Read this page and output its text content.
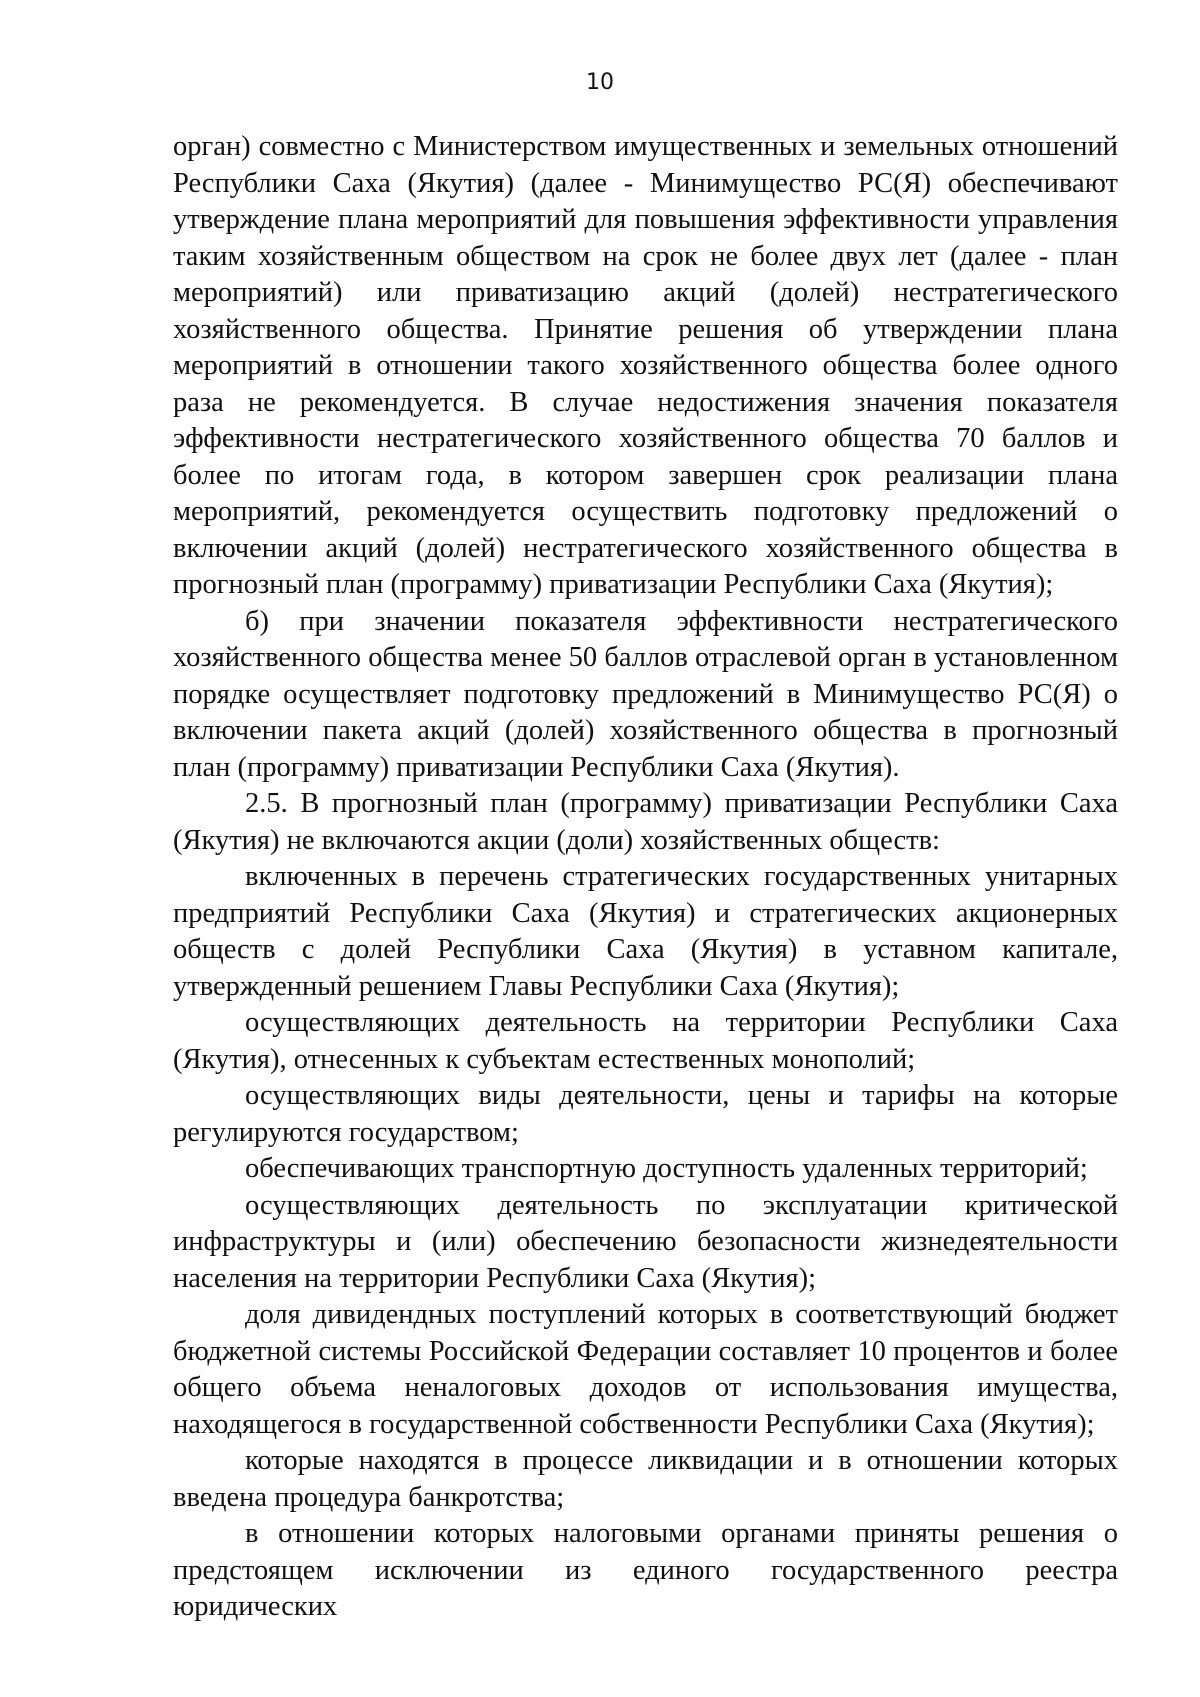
10

орган) совместно с Министерством имущественных и земельных отношений Республики Саха (Якутия) (далее - Минимущество РС(Я) обеспечивают утверждение плана мероприятий для повышения эффективности управления таким хозяйственным обществом на срок не более двух лет (далее - план мероприятий) или приватизацию акций (долей) нестратегического хозяйственного общества. Принятие решения об утверждении плана мероприятий в отношении такого хозяйственного общества более одного раза не рекомендуется. В случае недостижения значения показателя эффективности нестратегического хозяйственного общества 70 баллов и более по итогам года, в котором завершен срок реализации плана мероприятий, рекомендуется осуществить подготовку предложений о включении акций (долей) нестратегического хозяйственного общества в прогнозный план (программу) приватизации Республики Саха (Якутия);

б) при значении показателя эффективности нестратегического хозяйственного общества менее 50 баллов отраслевой орган в установленном порядке осуществляет подготовку предложений в Минимущество РС(Я) о включении пакета акций (долей) хозяйственного общества в прогнозный план (программу) приватизации Республики Саха (Якутия).

2.5. В прогнозный план (программу) приватизации Республики Саха (Якутия) не включаются акции (доли) хозяйственных обществ:

включенных в перечень стратегических государственных унитарных предприятий Республики Саха (Якутия) и стратегических акционерных обществ с долей Республики Саха (Якутия) в уставном капитале, утвержденный решением Главы Республики Саха (Якутия);

осуществляющих деятельность на территории Республики Саха (Якутия), отнесенных к субъектам естественных монополий;

осуществляющих виды деятельности, цены и тарифы на которые регулируются государством;

обеспечивающих транспортную доступность удаленных территорий;

осуществляющих деятельность по эксплуатации критической инфраструктуры и (или) обеспечению безопасности жизнедеятельности населения на территории Республики Саха (Якутия);

доля дивидендных поступлений которых в соответствующий бюджет бюджетной системы Российской Федерации составляет 10 процентов и более общего объема неналоговых доходов от использования имущества, находящегося в государственной собственности Республики Саха (Якутия);

которые находятся в процессе ликвидации и в отношении которых введена процедура банкротства;

в отношении которых налоговыми органами приняты решения о предстоящем исключении из единого государственного реестра юридических
